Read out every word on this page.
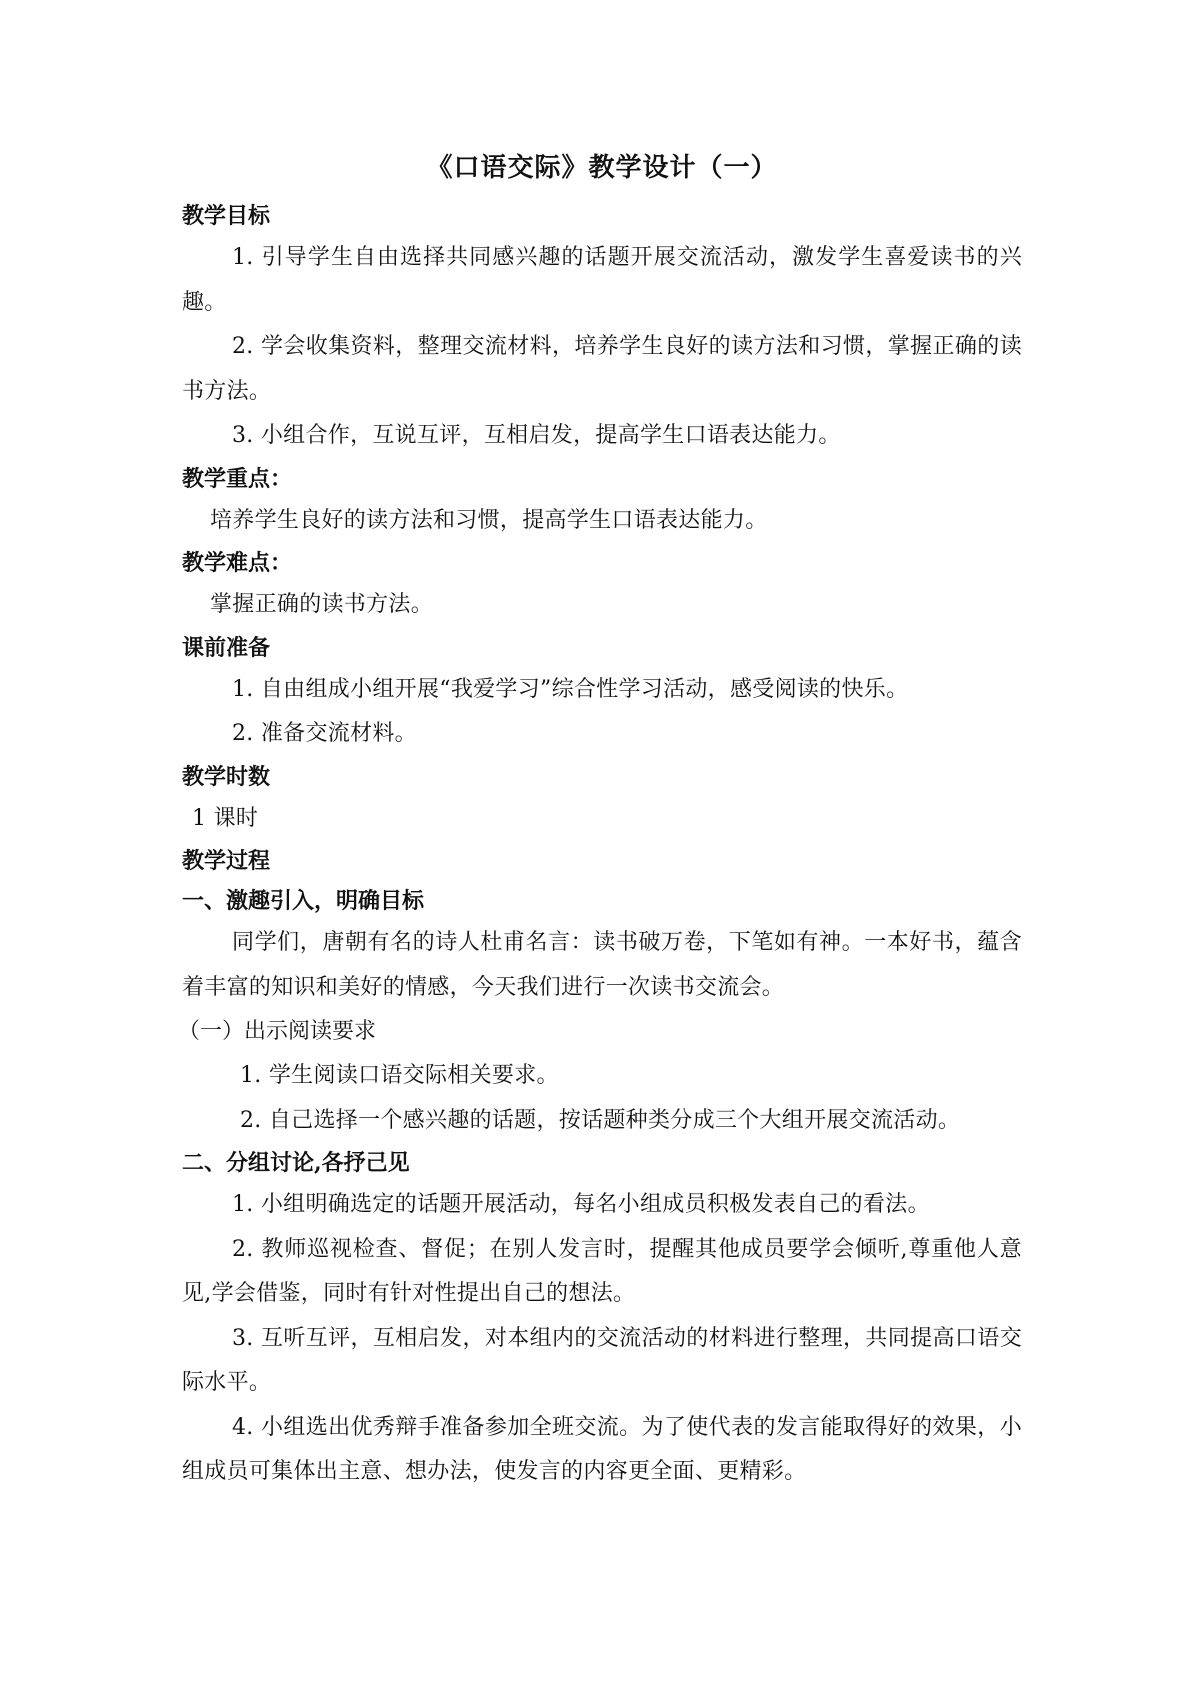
《口语交际》教学设计（一）
教学目标

1. 引导学生自由选择共同感兴趣的话题开展交流活动，激发学生喜爱读书的兴趣。

2. 学会收集资料，整理交流材料，培养学生良好的读方法和习惯，掌握正确的读书方法。

3. 小组合作，互说互评，互相启发，提高学生口语表达能力。

教学重点：

培养学生良好的读方法和习惯，提高学生口语表达能力。

教学难点：

掌握正确的读书方法。

课前准备

1. 自由组成小组开展“我爱学习”综合性学习活动，感受阅读的快乐。

2. 准备交流材料。

教学时数

1 课时

教学过程
一、激趣引入，明确目标

同学们，唐朝有名的诗人杜甫名言：读书破万卷，下笔如有神。一本好书，蕴含着丰富的知识和美好的情感，今天我们进行一次读书交流会。

（一）出示阅读要求

1. 学生阅读口语交际相关要求。

2. 自己选择一个感兴趣的话题，按话题种类分成三个大组开展交流活动。

二、分组讨论,各抒己见

1. 小组明确选定的话题开展活动，每名小组成员积极发表自己的看法。

2. 教师巡视检查、督促；在别人发言时，提醒其他成员要学会倾听,尊重他人意见,学会借鉴，同时有针对性提出自己的想法。

3. 互听互评，互相启发，对本组内的交流活动的材料进行整理，共同提高口语交际水平。

4. 小组选出优秀辩手准备参加全班交流。为了使代表的发言能取得好的效果，小组成员可集体出主意、想办法，使发言的内容更全面、更精彩。
